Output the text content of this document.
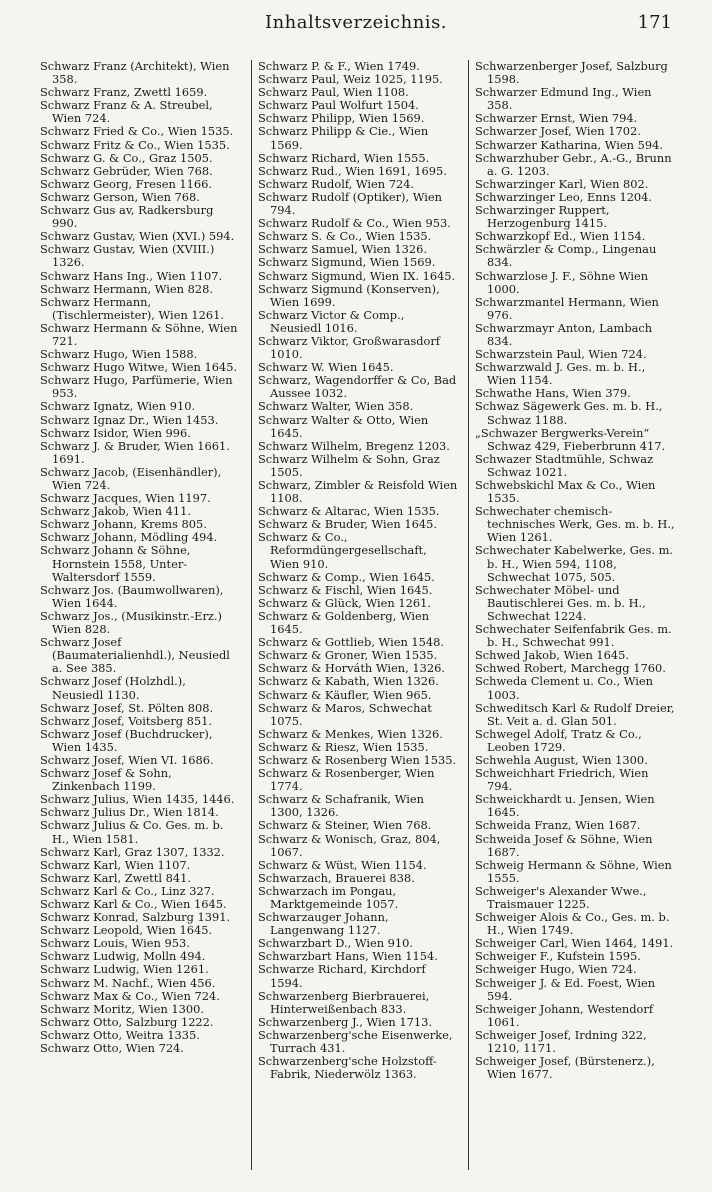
Inhaltsverzeichnis.	171
Schwarz Franz (Architekt), Wien 358.
Schwarz Franz, Zwettl 1659.
Schwarz Franz & A. Streubel, Wien 724.
Schwarz Fried & Co., Wien 1535.
Schwarz Fritz & Co., Wien 1535.
Schwarz G. & Co., Graz 1505.
Schwarz Gebrüder, Wien 768.
Schwarz Georg, Fresen 1166.
Schwarz Gerson, Wien 768.
Schwarz Gus av, Radkersburg 990.
Schwarz Gustav, Wien (XVI.) 594.
Schwarz Gustav, Wien (XVIII.) 1326.
Schwarz Hans Ing., Wien 1107.
Schwarz Hermann, Wien 828.
Schwarz Hermann, (Tischlermeister), Wien 1261.
Schwarz Hermann & Söhne, Wien 721.
Schwarz Hugo, Wien 1588.
Schwarz Hugo Witwe, Wien 1645.
Schwarz Hugo, Parfümerie, Wien 953.
Schwarz Ignatz, Wien 910.
Schwarz Ignaz Dr., Wien 1453.
Schwarz Isidor, Wien 996.
Schwarz J. & Bruder, Wien 1661. 1691.
Schwarz Jacob, (Eisenhändler), Wien 724.
Schwarz Jacques, Wien 1197.
Schwarz Jakob, Wien 411.
Schwarz Johann, Krems 805.
Schwarz Johann, Mödling 494.
Schwarz Johann & Söhne, Hornstein 1558, Unter-Waltersdorf 1559.
Schwarz Jos. (Baumwollwaren), Wien 1644.
Schwarz Jos., (Musikinstr.-Erz.) Wien 828.
Schwarz Josef (Baumaterialienhdl.), Neusiedl a. See 385.
Schwarz Josef (Holzhdl.), Neusiedl 1130.
Schwarz Josef, St. Pölten 808.
Schwarz Josef, Voitsberg 851.
Schwarz Josef (Buchdrucker), Wien 1435.
Schwarz Josef, Wien VI. 1686.
Schwarz Josef & Sohn, Zinkenbach 1199.
Schwarz Julius, Wien 1435, 1446.
Schwarz Julius Dr., Wien 1814.
Schwarz Julius & Co. Ges. m. b. H., Wien 1581.
Schwarz Karl, Graz 1307, 1332.
Schwarz Karl, Wien 1107.
Schwarz Karl, Zwettl 841.
Schwarz Karl & Co., Linz 327.
Schwarz Karl & Co., Wien 1645.
Schwarz Konrad, Salzburg 1391.
Schwarz Leopold, Wien 1645.
Schwarz Louis, Wien 953.
Schwarz Ludwig, Molln 494.
Schwarz Ludwig, Wien 1261.
Schwarz M. Nachf., Wien 456.
Schwarz Max & Co., Wien 724.
Schwarz Moritz, Wien 1300.
Schwarz Otto, Salzburg 1222.
Schwarz Otto, Weitra 1335.
Schwarz Otto, Wien 724.
Schwarz P. & F., Wien 1749.
Schwarz Paul, Weiz 1025, 1195.
Schwarz Paul, Wien 1108.
Schwarz Paul Wolfurt 1504.
Schwarz Philipp, Wien 1569.
Schwarz Philipp & Cie., Wien 1569.
Schwarz Richard, Wien 1555.
Schwarz Rud., Wien 1691, 1695.
Schwarz Rudolf, Wien 724.
Schwarz Rudolf (Optiker), Wien 794.
Schwarz Rudolf & Co., Wien 953.
Schwarz S. & Co., Wien 1535.
Schwarz Samuel, Wien 1326.
Schwarz Sigmund, Wien 1569.
Schwarz Sigmund, Wien IX. 1645.
Schwarz Sigmund (Konserven), Wien 1699.
Schwarz Victor & Comp., Neusiedl 1016.
Schwarz Viktor, Großwarasdorf 1010.
Schwarz W. Wien 1645.
Schwarz, Wagendorffer & Co, Bad Aussee 1032.
Schwarz Walter, Wien 358.
Schwarz Walter & Otto, Wien 1645.
Schwarz Wilhelm, Bregenz 1203.
Schwarz Wilhelm & Sohn, Graz 1505.
Schwarz, Zimbler & Reisfold Wien 1108.
Schwarz & Altarac, Wien 1535.
Schwarz & Bruder, Wien 1645.
Schwarz & Co., Reformdüngergesellschaft, Wien 910.
Schwarz & Comp., Wien 1645.
Schwarz & Fischl, Wien 1645.
Schwarz & Glück, Wien 1261.
Schwarz & Goldenberg, Wien 1645.
Schwarz & Gottlieb, Wien 1548.
Schwarz & Groner, Wien 1535.
Schwarz & Horváth Wien, 1326.
Schwarz & Kabath, Wien 1326.
Schwarz & Käufler, Wien 965.
Schwarz & Maros, Schwechat 1075.
Schwarz & Menkes, Wien 1326.
Schwarz & Riesz, Wien 1535.
Schwarz & Rosenberg Wien 1535.
Schwarz & Rosenberger, Wien 1774.
Schwarz & Schafranik, Wien 1300, 1326.
Schwarz & Steiner, Wien 768.
Schwarz & Wonisch, Graz, 804, 1067.
Schwarz & Wüst, Wien 1154.
Schwarzach, Brauerei 838.
Schwarzach im Pongau, Marktgemeinde 1057.
Schwarzauger Johann, Langenwang 1127.
Schwarzbart D., Wien 910.
Schwarzbart Hans, Wien 1154.
Schwarze Richard, Kirchdorf 1594.
Schwarzenberg Bierbrauerei, Hinterweißenbach 833.
Schwarzenberg J., Wien 1713.
Schwarzenberg'sche Eisenwerke, Turrach 431.
Schwarzenberg'sche Holzstoff-Fabrik, Niederwölz 1363.
Schwarzenberger Josef, Salzburg 1598.
Schwarzer Edmund Ing., Wien 358.
Schwarzer Ernst, Wien 794.
Schwarzer Josef, Wien 1702.
Schwarzer Katharina, Wien 594.
Schwarzhuber Gebr., A.-G., Brunn a. G. 1203.
Schwarzinger Karl, Wien 802.
Schwarzinger Leo, Enns 1204.
Schwarzinger Ruppert, Herzogenburg 1415.
Schwarzkopf Ed., Wien 1154.
Schwärzler & Comp., Lingenau 834.
Schwarzlose J. F., Söhne Wien 1000.
Schwarzmantel Hermann, Wien 976.
Schwarzmayr Anton, Lambach 834.
Schwarzstein Paul, Wien 724.
Schwarzwald J. Ges. m. b. H., Wien 1154.
Schwathe Hans, Wien 379.
Schwaz Sägewerk Ges. m. b. H., Schwaz 1188.
„Schwazer Bergwerks-Verein“ Schwaz 429, Fieberbrunn 417.
Schwazer Stadtmühle, Schwaz Schwaz 1021.
Schwebskichl Max & Co., Wien 1535.
Schwechater chemisch-technisches Werk, Ges. m. b. H., Wien 1261.
Schwechater Kabelwerke, Ges. m. b. H., Wien 594, 1108, Schwechat 1075, 505.
Schwechater Möbel- und Bautischlerei Ges. m. b. H., Schwechat 1224.
Schwechater Seifenfabrik Ges. m. b. H., Schwechat 991.
Schwed Jakob, Wien 1645.
Schwed Robert, Marchegg 1760.
Schweda Clement u. Co., Wien 1003.
Schweditsch Karl & Rudolf Dreier, St. Veit a. d. Glan 501.
Schwegel Adolf, Tratz & Co., Leoben 1729.
Schwehla August, Wien 1300.
Schweichhart Friedrich, Wien 794.
Schweickhardt u. Jensen, Wien 1645.
Schweida Franz, Wien 1687.
Schweida Josef & Söhne, Wien 1687.
Schweig Hermann & Söhne, Wien 1555.
Schweiger's Alexander Wwe., Traismauer 1225.
Schweiger Alois & Co., Ges. m. b. H., Wien 1749.
Schweiger Carl, Wien 1464, 1491.
Schweiger F., Kufstein 1595.
Schweiger Hugo, Wien 724.
Schweiger J. & Ed. Foest, Wien 594.
Schweiger Johann, Westendorf 1061.
Schweiger Josef, Irdning 322, 1210, 1171.
Schweiger Josef, (Bürstenerz.), Wien 1677.
